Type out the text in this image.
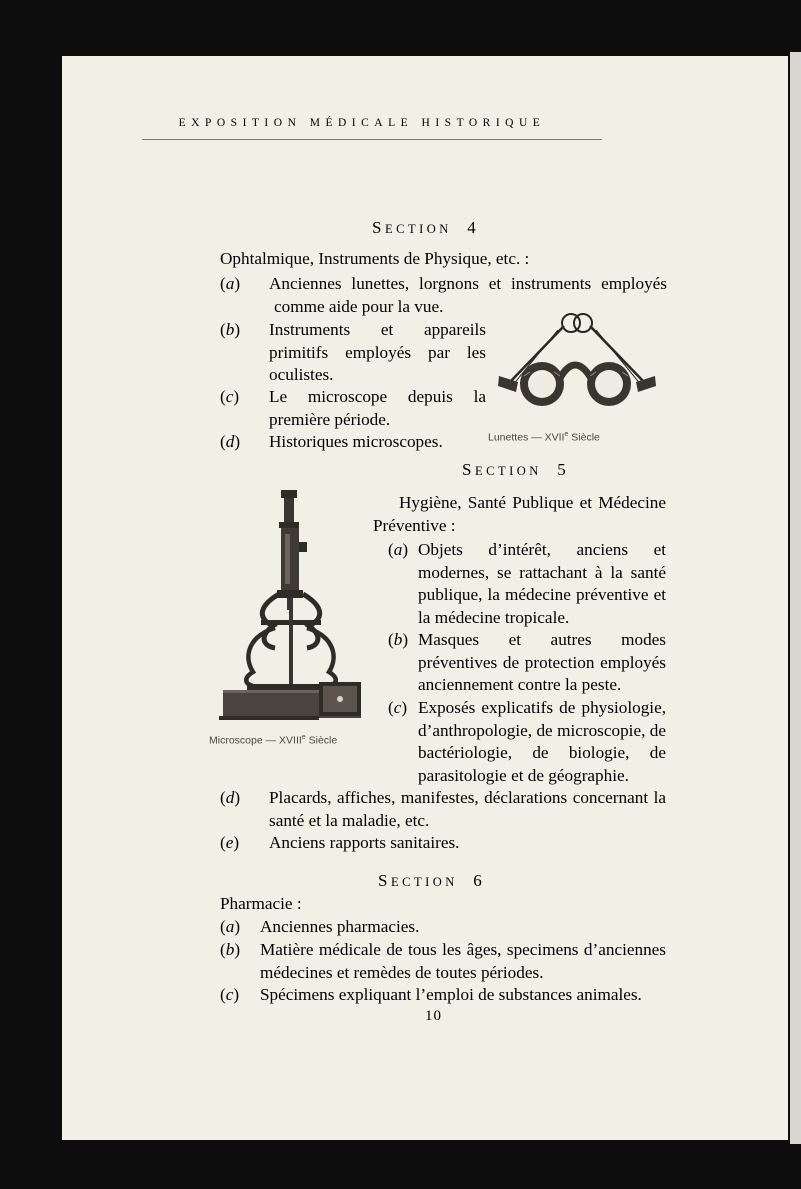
EXPOSITION MÉDICALE HISTORIQUE
SECTION 4
Ophtalmique, Instruments de Physique, etc. :
(a)	Anciennes lunettes, lorgnons et instruments employés comme aide pour la vue.
(b)	Instruments et appareils primitifs employés par les oculistes.
(c)	Le microscope depuis la première période.
(d)	Historiques microscopes.	Lunettes — XVIIe Siècle
SECTION 5
Hygiène, Santé Publique et Médecine Préventive :
(a) Objets d’intérêt, anciens et modernes, se rattachant à la santé publique, la médecine préventive et la médecine tropicale.
(b) Masques et autres modes préventives de protection employés anciennement contre la peste.
(c) Exposés explicatifs de physiologie, d’anthropologie, de microscopie, de bactériologie, de biologie, de parasitologie et de géographie.
(d)	Placards, affiches, manifestes, déclarations concernant la santé et la maladie, etc.
(e)	Anciens rapports sanitaires.
Microscope — XVIIIe Siècle
SECTION 6
Pharmacie :
(a)	Anciennes pharmacies.
(b)	Matière médicale de tous les âges, specimens d’anciennes médecines et remèdes de toutes périodes.
(c)	Spécimens expliquant l’emploi de substances animales.
10
